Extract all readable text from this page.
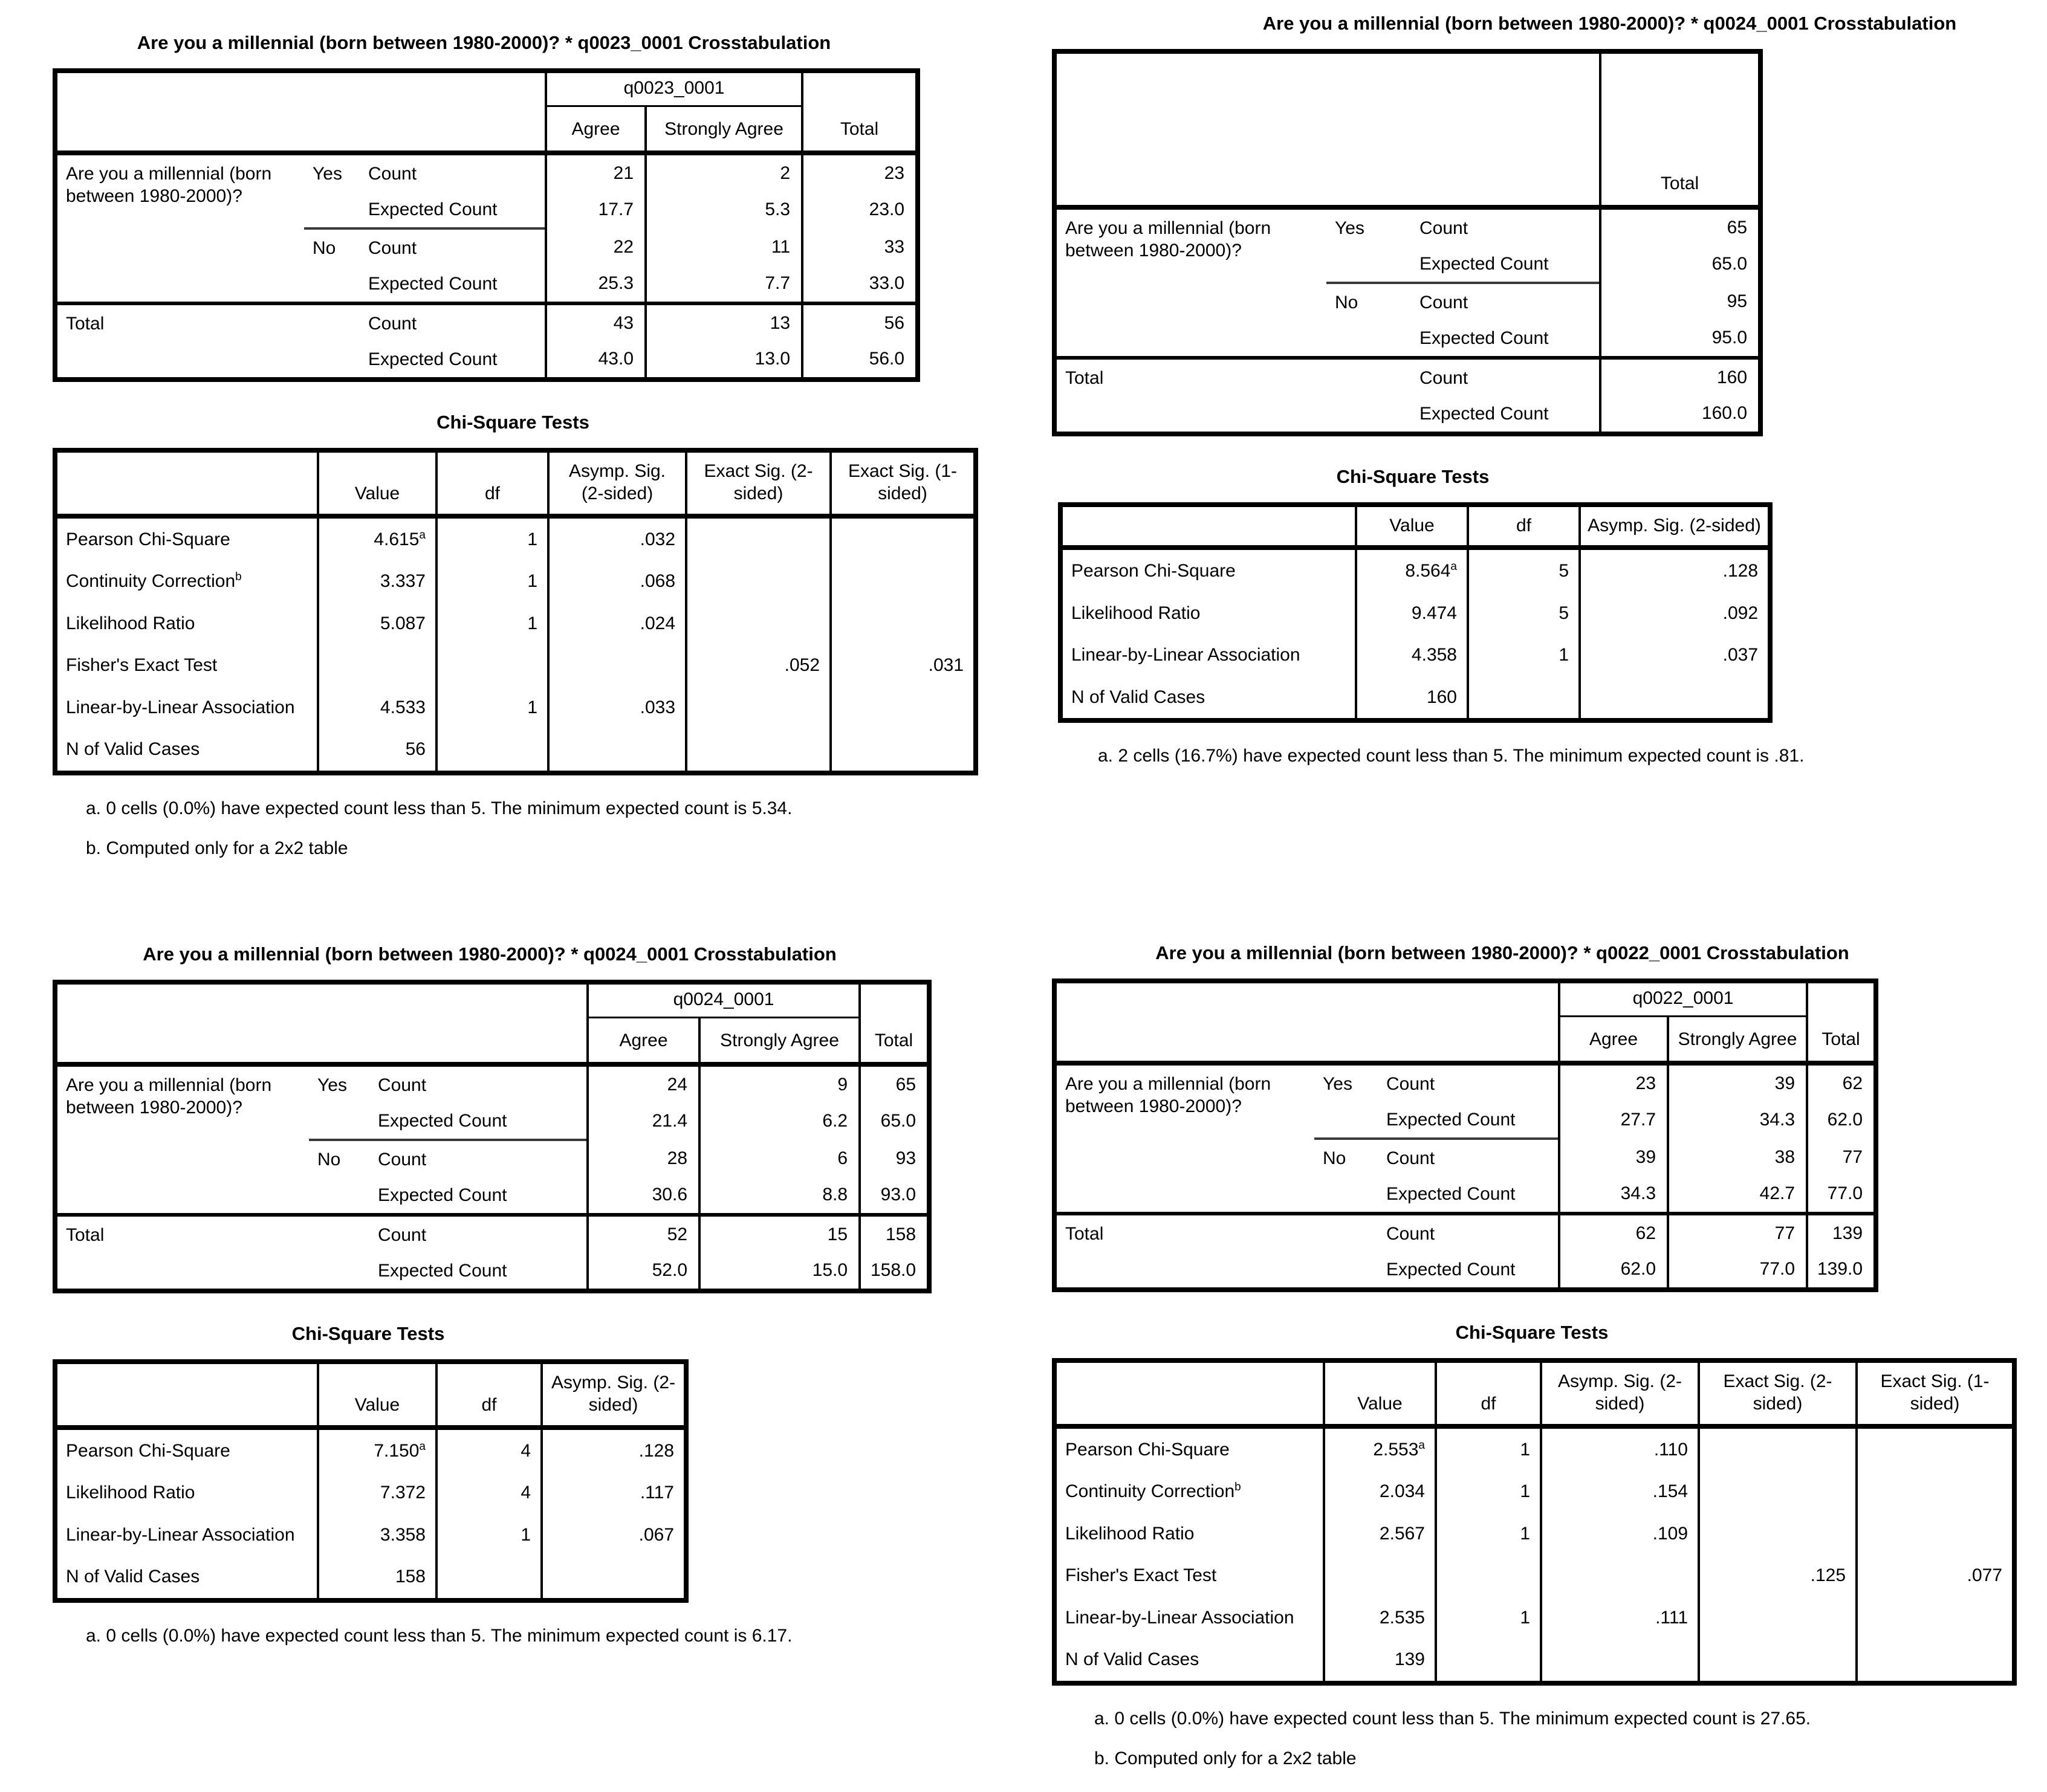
Are you a millennial (born between 1980-2000)? * q0023_0001 Crosstabulation
			q0023_0001		Total
			Agree	Strongly Agree	
Are you a millennial (born between 1980-2000)?	Yes	Count	21	2	23
		Expected Count	17.7	5.3	23.0
	No	Count	22	11	33
		Expected Count	25.3	7.7	33.0
Total		Count	43	13	56
		Expected Count	43.0	13.0	56.0
Chi-Square Tests
	Value	df	Asymp. Sig. (2-sided)	Exact Sig. (2-sided)	Exact Sig. (1-sided)
Pearson Chi-Square	4.615$^a$	1	.032		
Continuity Correction$^b$	3.337	1	.068		
Likelihood Ratio	5.087	1	.024		
Fisher's Exact Test				.052	.031
Linear-by-Linear Association	4.533	1	.033		
N of Valid Cases	56				
a. 0 cells (0.0%) have expected count less than 5. The minimum expected count is 5.34.
b. Computed only for a 2x2 table
Are you a millennial (born between 1980-2000)? * q0024_0001 Crosstabulation
			Total
Are you a millennial (born between 1980-2000)?	Yes	Count	65
		Expected Count	65.0
	No	Count	95
		Expected Count	95.0
Total		Count	160
		Expected Count	160.0
Chi-Square Tests
	Value	df	Asymp. Sig. (2-sided)
Pearson Chi-Square	8.564$^a$	5	.128
Likelihood Ratio	9.474	5	.092
Linear-by-Linear Association	4.358	1	.037
N of Valid Cases	160		
a. 2 cells (16.7%) have expected count less than 5. The minimum expected count is .81.
Are you a millennial (born between 1980-2000)? * q0024_0001 Crosstabulation
			q0024_0001		Total
			Agree	Strongly Agree	
Are you a millennial (born between 1980-2000)?	Yes	Count	24	9	65
		Expected Count	21.4	6.2	65.0
	No	Count	28	6	93
		Expected Count	30.6	8.8	93.0
Total		Count	52	15	158
		Expected Count	52.0	15.0	158.0
Chi-Square Tests
	Value	df	Asymp. Sig. (2-sided)
Pearson Chi-Square	7.150$^a$	4	.128
Likelihood Ratio	7.372	4	.117
Linear-by-Linear Association	3.358	1	.067
N of Valid Cases	158		
a. 0 cells (0.0%) have expected count less than 5. The minimum expected count is 6.17.
Are you a millennial (born between 1980-2000)? * q0022_0001 Crosstabulation
			q0022_0001		Total
			Agree	Strongly Agree	
Are you a millennial (born between 1980-2000)?	Yes	Count	23	39	62
		Expected Count	27.7	34.3	62.0
	No	Count	39	38	77
		Expected Count	34.3	42.7	77.0
Total		Count	62	77	139
		Expected Count	62.0	77.0	139.0
Chi-Square Tests
	Value	df	Asymp. Sig. (2-sided)	Exact Sig. (2-sided)	Exact Sig. (1-sided)
Pearson Chi-Square	2.553$^a$	1	.110		
Continuity Correction$^b$	2.034	1	.154		
Likelihood Ratio	2.567	1	.109		
Fisher's Exact Test				.125	.077
Linear-by-Linear Association	2.535	1	.111		
N of Valid Cases	139				
a. 0 cells (0.0%) have expected count less than 5. The minimum expected count is 27.65.
b. Computed only for a 2x2 table
